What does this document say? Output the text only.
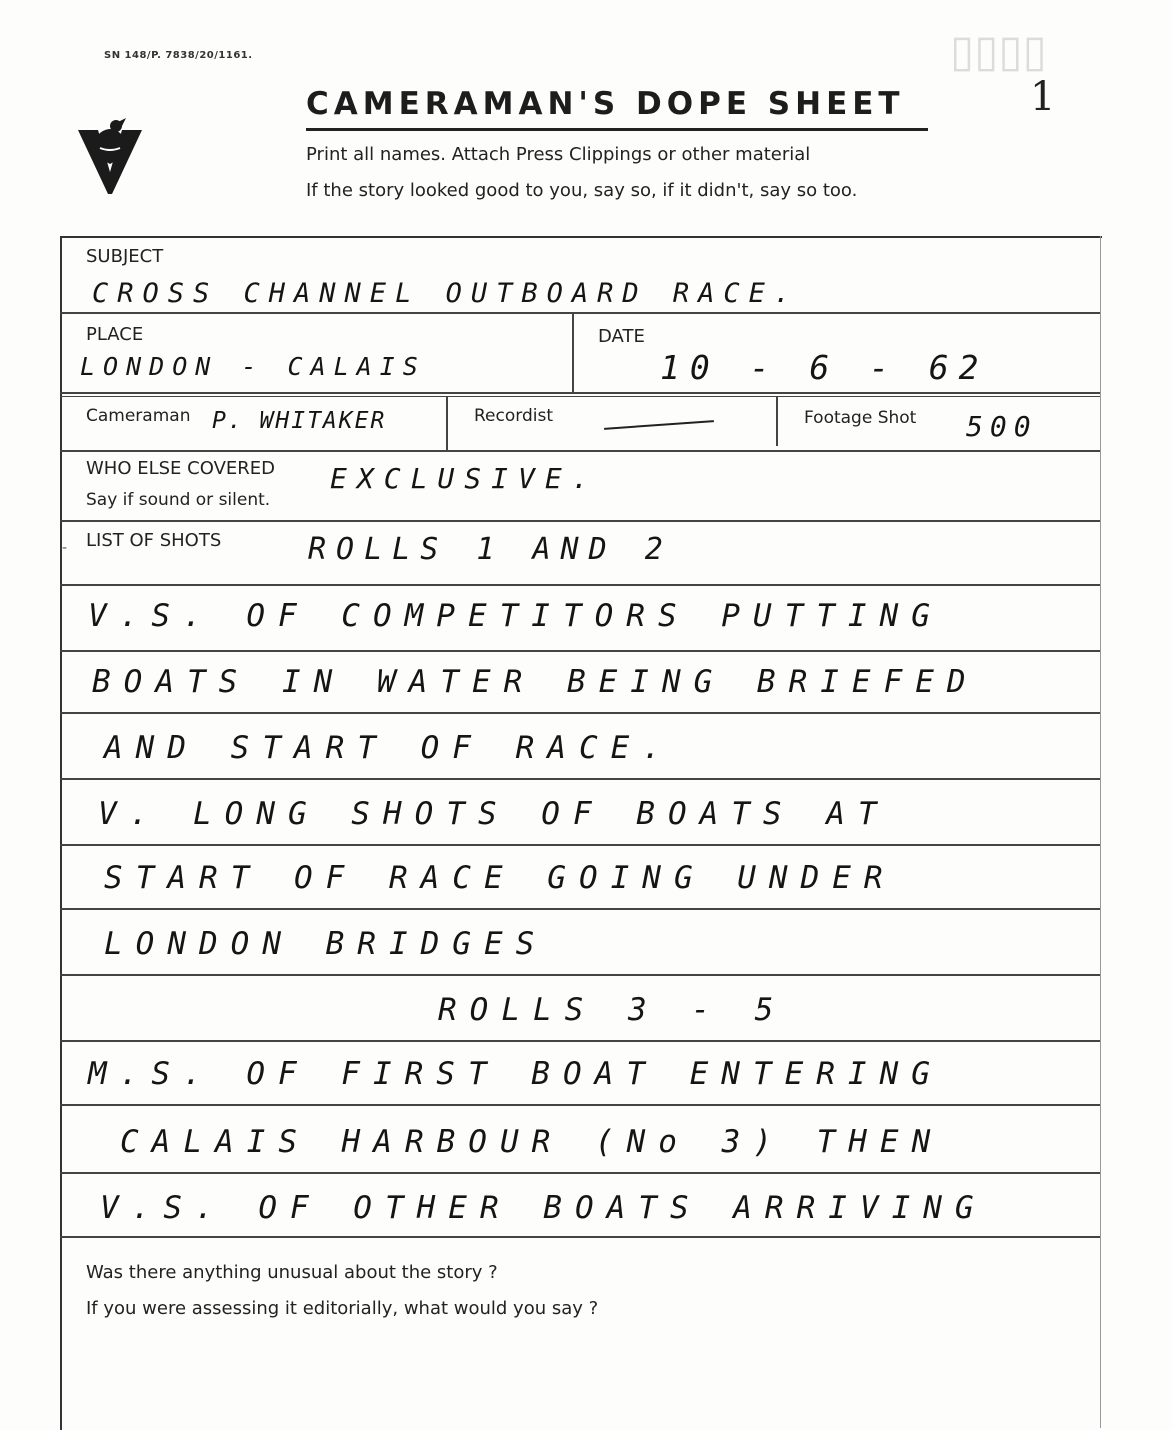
SN 148/P. 7838/20/1161.
CAMERAMAN'S DOPE SHEET
Print all names. Attach Press Clippings or other material
If the story looked good to you, say so, if it didn't, say so too.
▯▯▯▯
1
SUBJECT
CROSS CHANNEL OUTBOARD RACE.
PLACE
LONDON - CALAIS
DATE
10 - 6 - 62
Cameraman P. WHITAKER	Recordist	Footage Shot 500
WHO ELSE COVERED
Say if sound or silent.
EXCLUSIVE.
- LIST OF SHOTS	ROLLS 1 AND 2
V.S. OF COMPETITORS PUTTING
BOATS IN WATER BEING BRIEFED
AND START OF RACE.
V. LONG SHOTS OF BOATS AT
START OF RACE GOING UNDER
LONDON BRIDGES
ROLLS 3 - 5
M.S. OF FIRST BOAT ENTERING
CALAIS HARBOUR (No 3) THEN
V.S. OF OTHER BOATS ARRIVING
Was there anything unusual about the story ?
If you were assessing it editorially, what would you say ?
